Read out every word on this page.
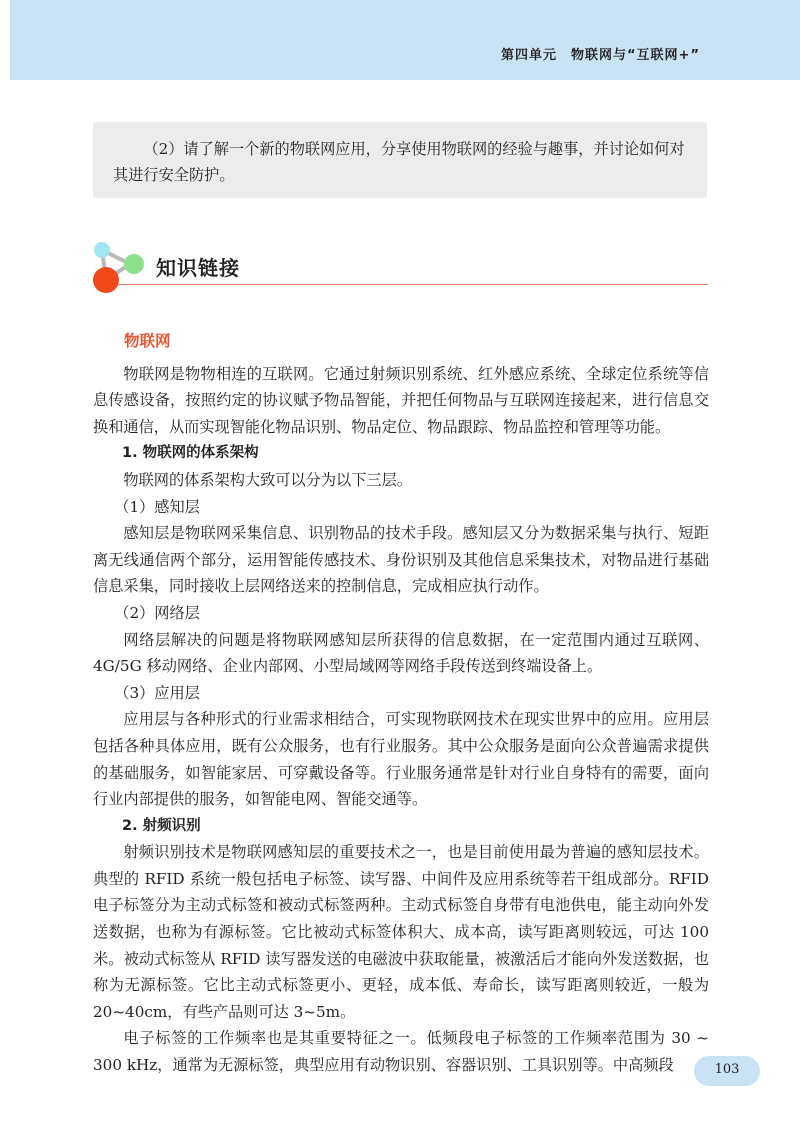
第四单元　物联网与“互联网+”

（2）请了解一个新的物联网应用，分享使用物联网的经验与趣事，并讨论如何对其进行安全防护。

知识链接
物联网

物联网是物物相连的互联网。它通过射频识别系统、红外感应系统、全球定位系统等信息传感设备，按照约定的协议赋予物品智能，并把任何物品与互联网连接起来，进行信息交换和通信，从而实现智能化物品识别、物品定位、物品跟踪、物品监控和管理等功能。

1. 物联网的体系架构

物联网的体系架构大致可以分为以下三层。

（1）感知层

感知层是物联网采集信息、识别物品的技术手段。感知层又分为数据采集与执行、短距离无线通信两个部分，运用智能传感技术、身份识别及其他信息采集技术，对物品进行基础信息采集，同时接收上层网络送来的控制信息，完成相应执行动作。

（2）网络层

网络层解决的问题是将物联网感知层所获得的信息数据，在一定范围内通过互联网、4G/5G 移动网络、企业内部网、小型局域网等网络手段传送到终端设备上。

（3）应用层

应用层与各种形式的行业需求相结合，可实现物联网技术在现实世界中的应用。应用层包括各种具体应用，既有公众服务，也有行业服务。其中公众服务是面向公众普遍需求提供的基础服务，如智能家居、可穿戴设备等。行业服务通常是针对行业自身特有的需要，面向行业内部提供的服务，如智能电网、智能交通等。

2. 射频识别

射频识别技术是物联网感知层的重要技术之一，也是目前使用最为普遍的感知层技术。典型的 RFID 系统一般包括电子标签、读写器、中间件及应用系统等若干组成部分。RFID 电子标签分为主动式标签和被动式标签两种。主动式标签自身带有电池供电，能主动向外发送数据，也称为有源标签。它比被动式标签体积大、成本高，读写距离则较远，可达 100 米。被动式标签从 RFID 读写器发送的电磁波中获取能量，被激活后才能向外发送数据，也称为无源标签。它比主动式标签更小、更轻，成本低、寿命长，读写距离则较近，一般为 20~40cm，有些产品则可达 3~5m。

电子标签的工作频率也是其重要特征之一。低频段电子标签的工作频率范围为 30 ~ 300 kHz，通常为无源标签，典型应用有动物识别、容器识别、工具识别等。中高频段	103
